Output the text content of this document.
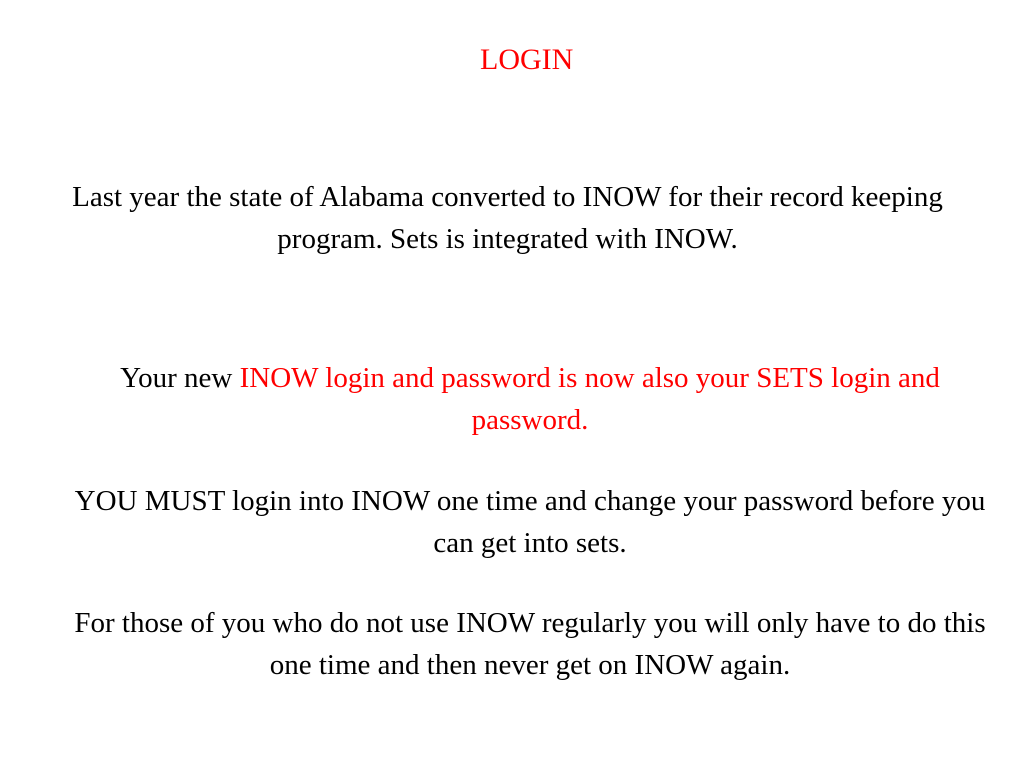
LOGIN
Last year the state of Alabama converted to INOW for their record keeping program. Sets is integrated with INOW.
Your new INOW login and password is now also your SETS login and password.
YOU MUST login into INOW one time and change your password before you can get into sets.
For those of you who do not use INOW regularly you will only have to do this one time and then never get on INOW again.
